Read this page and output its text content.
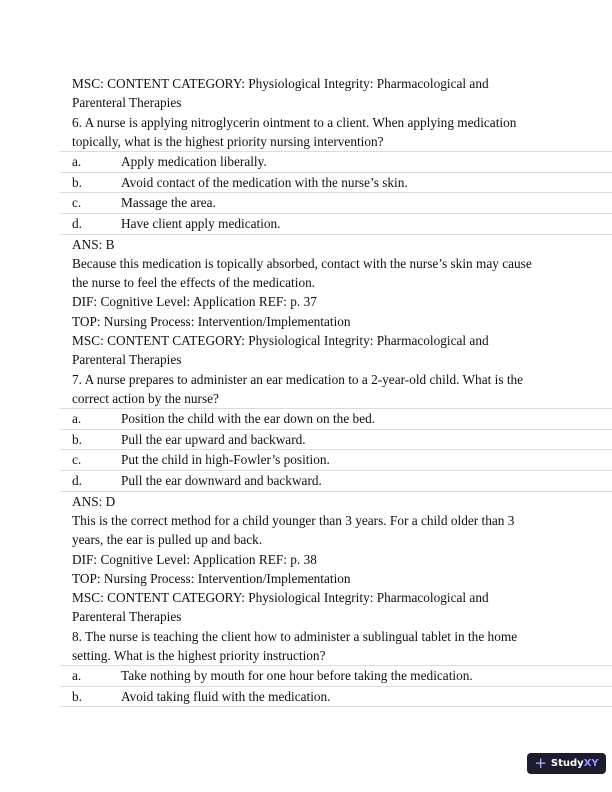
MSC: CONTENT CATEGORY: Physiological Integrity: Pharmacological and
Parenteral Therapies
6. A nurse is applying nitroglycerin ointment to a client. When applying medication
topically, what is the highest priority nursing intervention?
a.	Apply medication liberally.
b.	Avoid contact of the medication with the nurse’s skin.
c.	Massage the area.
d.	Have client apply medication.
ANS: B
Because this medication is topically absorbed, contact with the nurse’s skin may cause
the nurse to feel the effects of the medication.
DIF: Cognitive Level: Application REF: p. 37
TOP: Nursing Process: Intervention/Implementation
MSC: CONTENT CATEGORY: Physiological Integrity: Pharmacological and
Parenteral Therapies
7. A nurse prepares to administer an ear medication to a 2-year-old child. What is the
correct action by the nurse?
a.	Position the child with the ear down on the bed.
b.	Pull the ear upward and backward.
c.	Put the child in high-Fowler’s position.
d.	Pull the ear downward and backward.
ANS: D
This is the correct method for a child younger than 3 years. For a child older than 3
years, the ear is pulled up and back.
DIF: Cognitive Level: Application REF: p. 38
TOP: Nursing Process: Intervention/Implementation
MSC: CONTENT CATEGORY: Physiological Integrity: Pharmacological and
Parenteral Therapies
8. The nurse is teaching the client how to administer a sublingual tablet in the home
setting. What is the highest priority instruction?
a.	Take nothing by mouth for one hour before taking the medication.
b.	Avoid taking fluid with the medication.
+ StudyXY
